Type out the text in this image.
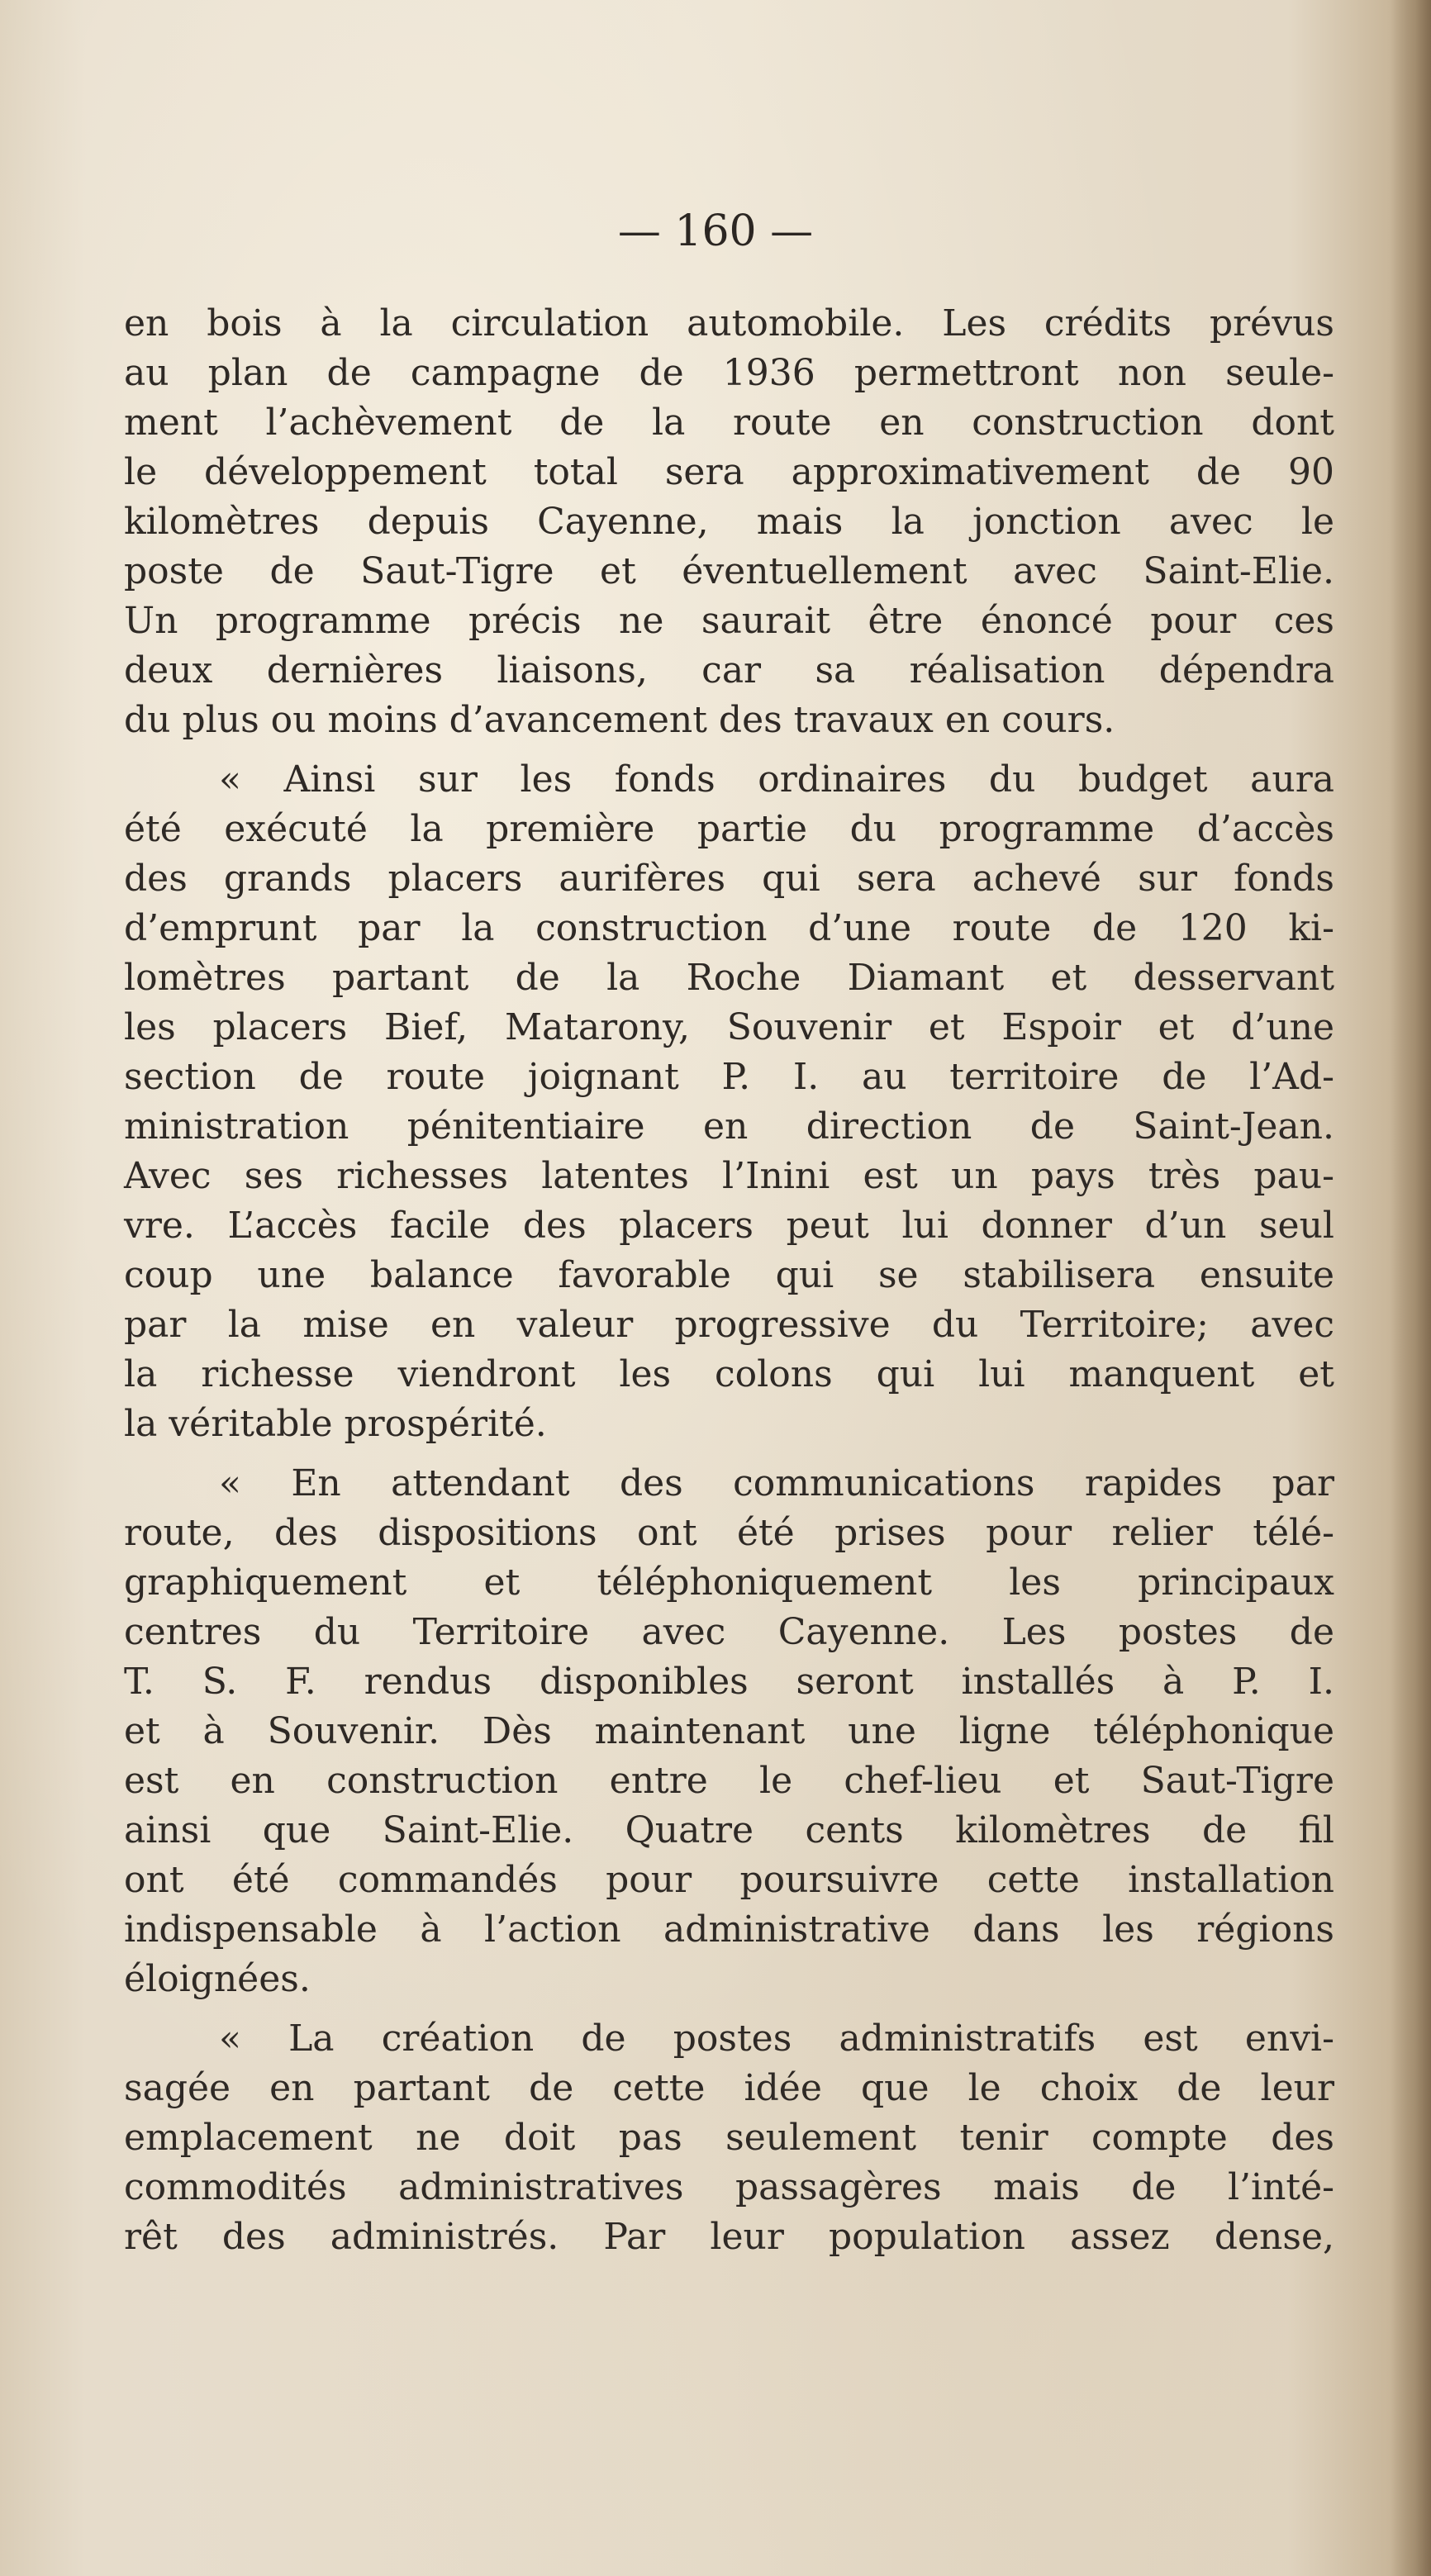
— 160 —
en bois à la circulation automobile. Les crédits prévus
au plan de campagne de 1936 permettront non seule-
ment l’achèvement de la route en construction dont
le développement total sera approximativement de 90
kilomètres depuis Cayenne, mais la jonction avec le
poste de Saut-Tigre et éventuellement avec Saint-Elie.
Un programme précis ne saurait être énoncé pour ces
deux dernières liaisons, car sa réalisation dépendra
du plus ou moins d’avancement des travaux en cours.
« Ainsi sur les fonds ordinaires du budget aura
été exécuté la première partie du programme d’accès
des grands placers aurifères qui sera achevé sur fonds
d’emprunt par la construction d’une route de 120 ki-
lomètres partant de la Roche Diamant et desservant
les placers Bief, Matarony, Souvenir et Espoir et d’une
section de route joignant P. I. au territoire de l’Ad-
ministration pénitentiaire en direction de Saint-Jean.
Avec ses richesses latentes l’Inini est un pays très pau-
vre. L’accès facile des placers peut lui donner d’un seul
coup une balance favorable qui se stabilisera ensuite
par la mise en valeur progressive du Territoire; avec
la richesse viendront les colons qui lui manquent et
la véritable prospérité.
« En attendant des communications rapides par
route, des dispositions ont été prises pour relier télé-
graphiquement et téléphoniquement les principaux
centres du Territoire avec Cayenne. Les postes de
T. S. F. rendus disponibles seront installés à P. I.
et à Souvenir. Dès maintenant une ligne téléphonique
est en construction entre le chef-lieu et Saut-Tigre
ainsi que Saint-Elie. Quatre cents kilomètres de fil
ont été commandés pour poursuivre cette installation
indispensable à l’action administrative dans les régions
éloignées.
« La création de postes administratifs est envi-
sagée en partant de cette idée que le choix de leur
emplacement ne doit pas seulement tenir compte des
commodités administratives passagères mais de l’inté-
rêt des administrés. Par leur population assez dense,
